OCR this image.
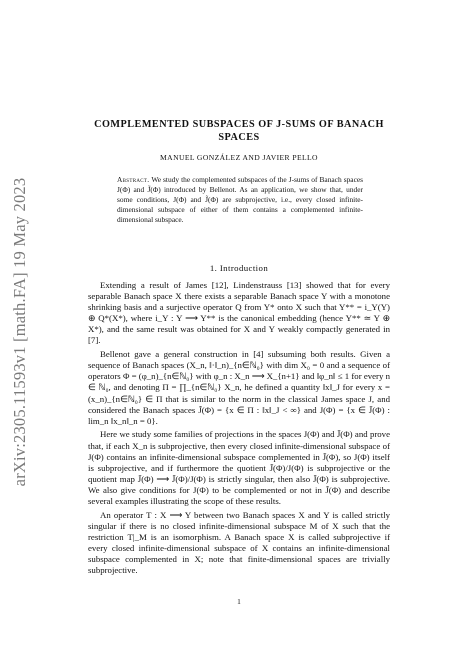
arXiv:2305.11593v1 [math.FA] 19 May 2023
COMPLEMENTED SUBSPACES OF J-SUMS OF BANACH SPACES
MANUEL GONZÁLEZ AND JAVIER PELLO
Abstract. We study the complemented subspaces of the J-sums of Banach spaces J(Φ) and J̃(Φ) introduced by Bellenot. As an application, we show that, under some conditions, J(Φ) and J̃(Φ) are subprojective, i.e., every closed infinite-dimensional subspace of either of them contains a complemented infinite-dimensional subspace.
1. Introduction

Extending a result of James [12], Lindenstrauss [13] showed that for every separable Banach space X there exists a separable Banach space Y with a monotone shrinking basis and a surjective operator Q from Y* onto X such that Y** = i_Y(Y) ⊕ Q*(X*), where i_Y : Y ⟶ Y** is the canonical embedding (hence Y** ≃ Y ⊕ X*), and the same result was obtained for X and Y weakly compactly generated in [7].

Bellenot gave a general construction in [4] subsuming both results. Given a sequence of Banach spaces (X_n, ‖·‖_n)_{n∈ℕ₀} with dim X₀ = 0 and a sequence of operators Φ = (φ_n)_{n∈ℕ₀} with φ_n : X_n ⟶ X_{n+1} and ‖φ_n‖ ≤ 1 for every n ∈ ℕ₀, and denoting Π = ∏_{n∈ℕ₀} X_n, he defined a quantity ‖x‖_J for every x = (x_n)_{n∈ℕ₀} ∈ Π that is similar to the norm in the classical James space J, and considered the Banach spaces J̃(Φ) = {x ∈ Π : ‖x‖_J < ∞} and J(Φ) = {x ∈ J̃(Φ) : lim_n ‖x_n‖_n = 0}.

Here we study some families of projections in the spaces J(Φ) and J̃(Φ) and prove that, if each X_n is subprojective, then every closed infinite-dimensional subspace of J(Φ) contains an infinite-dimensional subspace complemented in J̃(Φ), so J(Φ) itself is subprojective, and if furthermore the quotient J̃(Φ)/J(Φ) is subprojective or the quotient map J̃(Φ) ⟶ J̃(Φ)/J(Φ) is strictly singular, then also J̃(Φ) is subprojective. We also give conditions for J(Φ) to be complemented or not in J̃(Φ) and describe several examples illustrating the scope of these results.

An operator T : X ⟶ Y between two Banach spaces X and Y is called strictly singular if there is no closed infinite-dimensional subspace M of X such that the restriction T|_M is an isomorphism. A Banach space X is called subprojective if every closed infinite-dimensional subspace of X contains an infinite-dimensional subspace complemented in X; note that finite-dimensional spaces are trivially subprojective.

1
